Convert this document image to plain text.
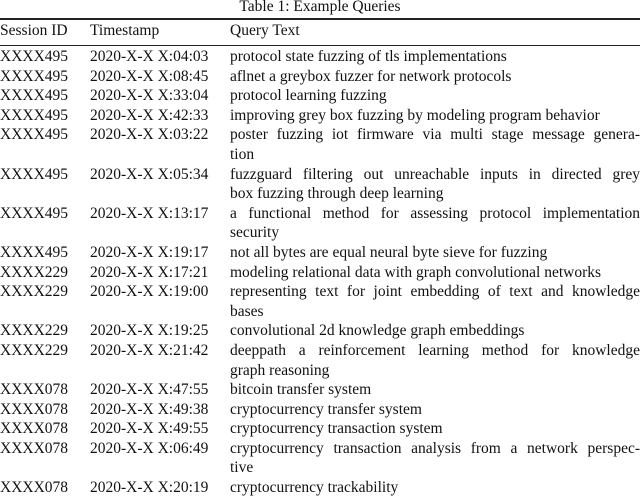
Table 1: Example Queries
Session ID Timestamp	Query Text
XXXX495 2020-X-X X:04:03 protocol state fuzzing of tls implementations
XXXX495 2020-X-X X:08:45 aflnet a greybox fuzzer for network protocols
XXXX495 2020-X-X X:33:04 protocol learning fuzzing
XXXX495 2020-X-X X:42:33 improving grey box fuzzing by modeling program behavior
XXXX495 2020-X-X X:03:22 poster fuzzing iot firmware via multi stage message genera-
tion
XXXX495 2020-X-X X:05:34 fuzzguard filtering out unreachable inputs in directed grey
box fuzzing through deep learning
XXXX495 2020-X-X X:13:17 a functional method for assessing protocol implementation
security
XXXX495 2020-X-X X:19:17 not all bytes are equal neural byte sieve for fuzzing
XXXX229 2020-X-X X:17:21 modeling relational data with graph convolutional networks
XXXX229 2020-X-X X:19:00 representing text for joint embedding of text and knowledge
bases
XXXX229 2020-X-X X:19:25 convolutional 2d knowledge graph embeddings
XXXX229 2020-X-X X:21:42 deeppath a reinforcement learning method for knowledge
graph reasoning
XXXX078 2020-X-X X:47:55 bitcoin transfer system
XXXX078 2020-X-X X:49:38 cryptocurrency transfer system
XXXX078 2020-X-X X:49:55 cryptocurrency transaction system
XXXX078 2020-X-X X:06:49 cryptocurrency transaction analysis from a network perspec-
tive
XXXX078 2020-X-X X:20:19 cryptocurrency trackability
